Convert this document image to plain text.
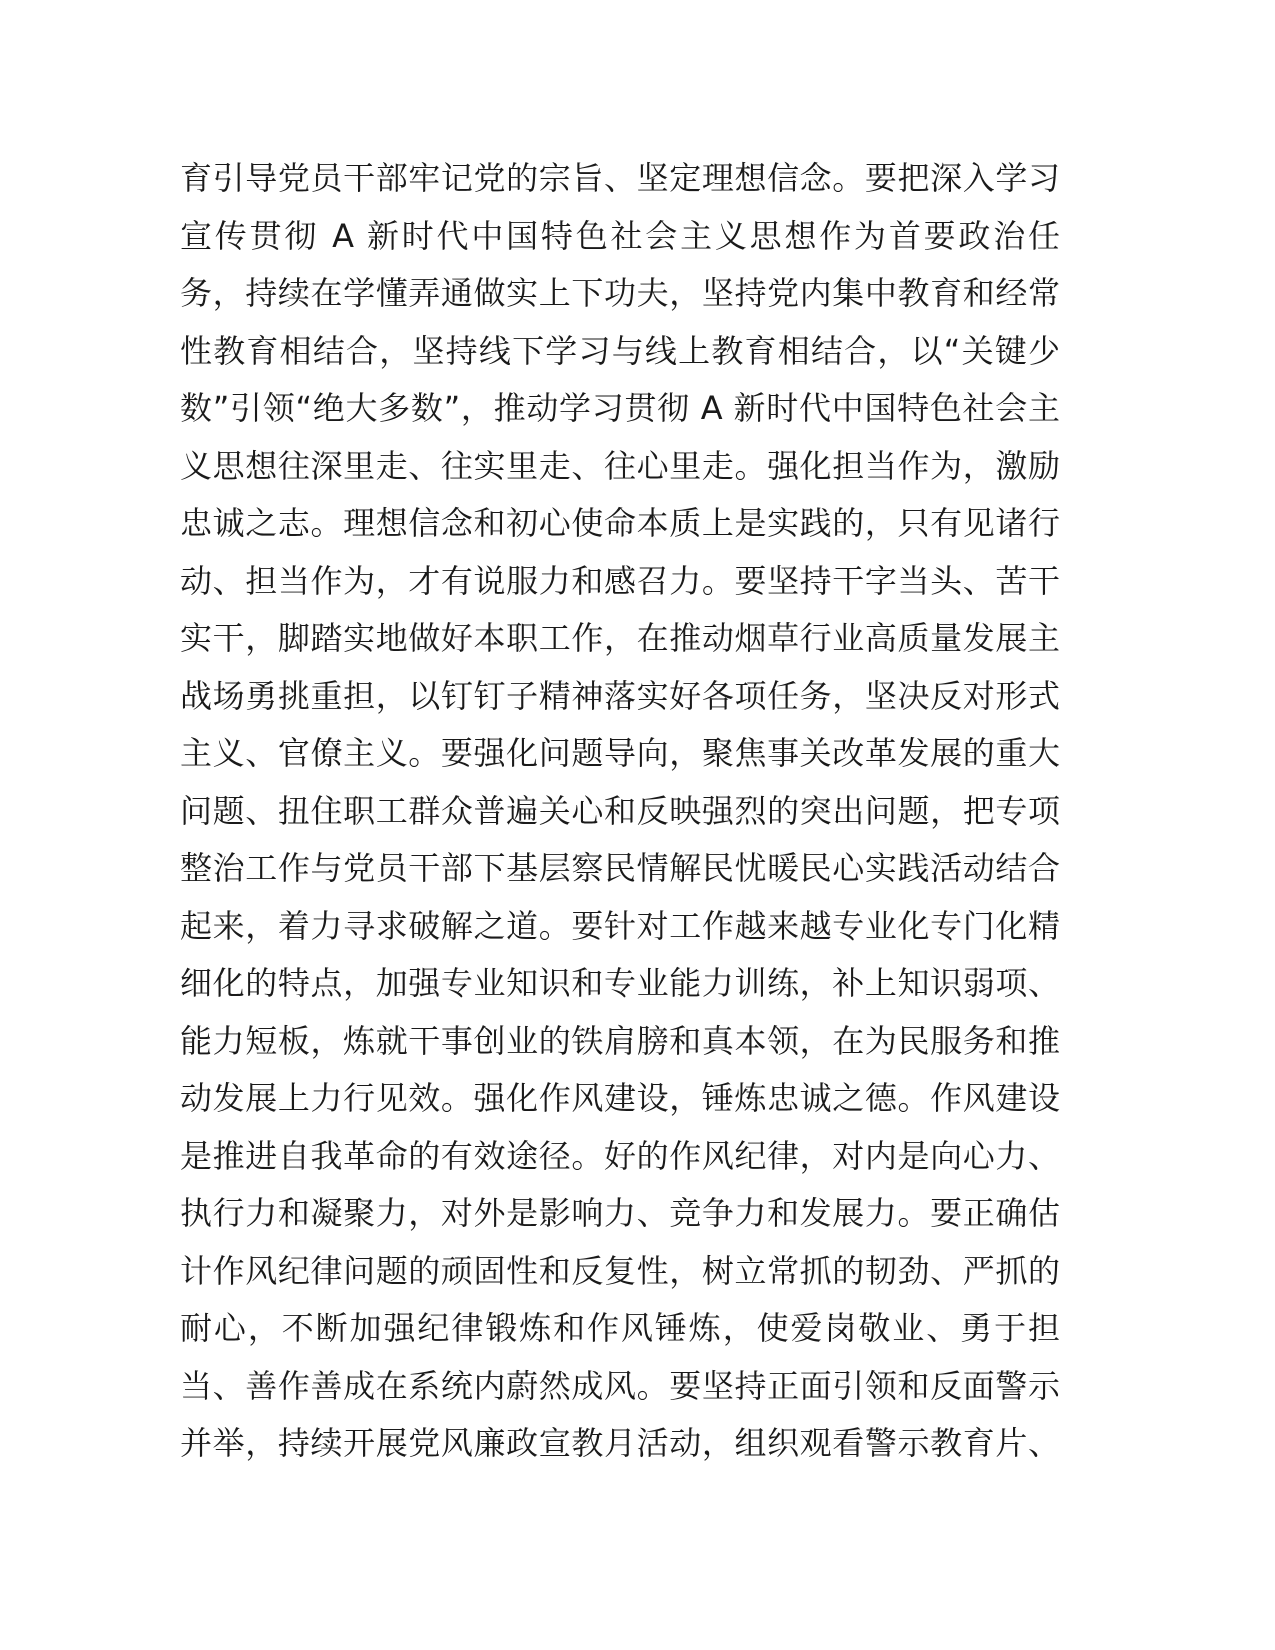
育引导党员干部牢记党的宗旨、坚定理想信念。要把深入学习
宣传贯彻 A 新时代中国特色社会主义思想作为首要政治任
务，持续在学懂弄通做实上下功夫，坚持党内集中教育和经常
性教育相结合，坚持线下学习与线上教育相结合，以“关键少
数”引领“绝大多数”，推动学习贯彻 A 新时代中国特色社会主
义思想往深里走、往实里走、往心里走。强化担当作为，激励
忠诚之志。理想信念和初心使命本质上是实践的，只有见诸行
动、担当作为，才有说服力和感召力。要坚持干字当头、苦干
实干，脚踏实地做好本职工作，在推动烟草行业高质量发展主
战场勇挑重担，以钉钉子精神落实好各项任务，坚决反对形式
主义、官僚主义。要强化问题导向，聚焦事关改革发展的重大
问题、扭住职工群众普遍关心和反映强烈的突出问题，把专项
整治工作与党员干部下基层察民情解民忧暖民心实践活动结合
起来，着力寻求破解之道。要针对工作越来越专业化专门化精
细化的特点，加强专业知识和专业能力训练，补上知识弱项、
能力短板，炼就干事创业的铁肩膀和真本领，在为民服务和推
动发展上力行见效。强化作风建设，锤炼忠诚之德。作风建设
是推进自我革命的有效途径。好的作风纪律，对内是向心力、
执行力和凝聚力，对外是影响力、竞争力和发展力。要正确估
计作风纪律问题的顽固性和反复性，树立常抓的韧劲、严抓的
耐心，不断加强纪律锻炼和作风锤炼，使爱岗敬业、勇于担
当、善作善成在系统内蔚然成风。要坚持正面引领和反面警示
并举，持续开展党风廉政宣教月活动，组织观看警示教育片、
